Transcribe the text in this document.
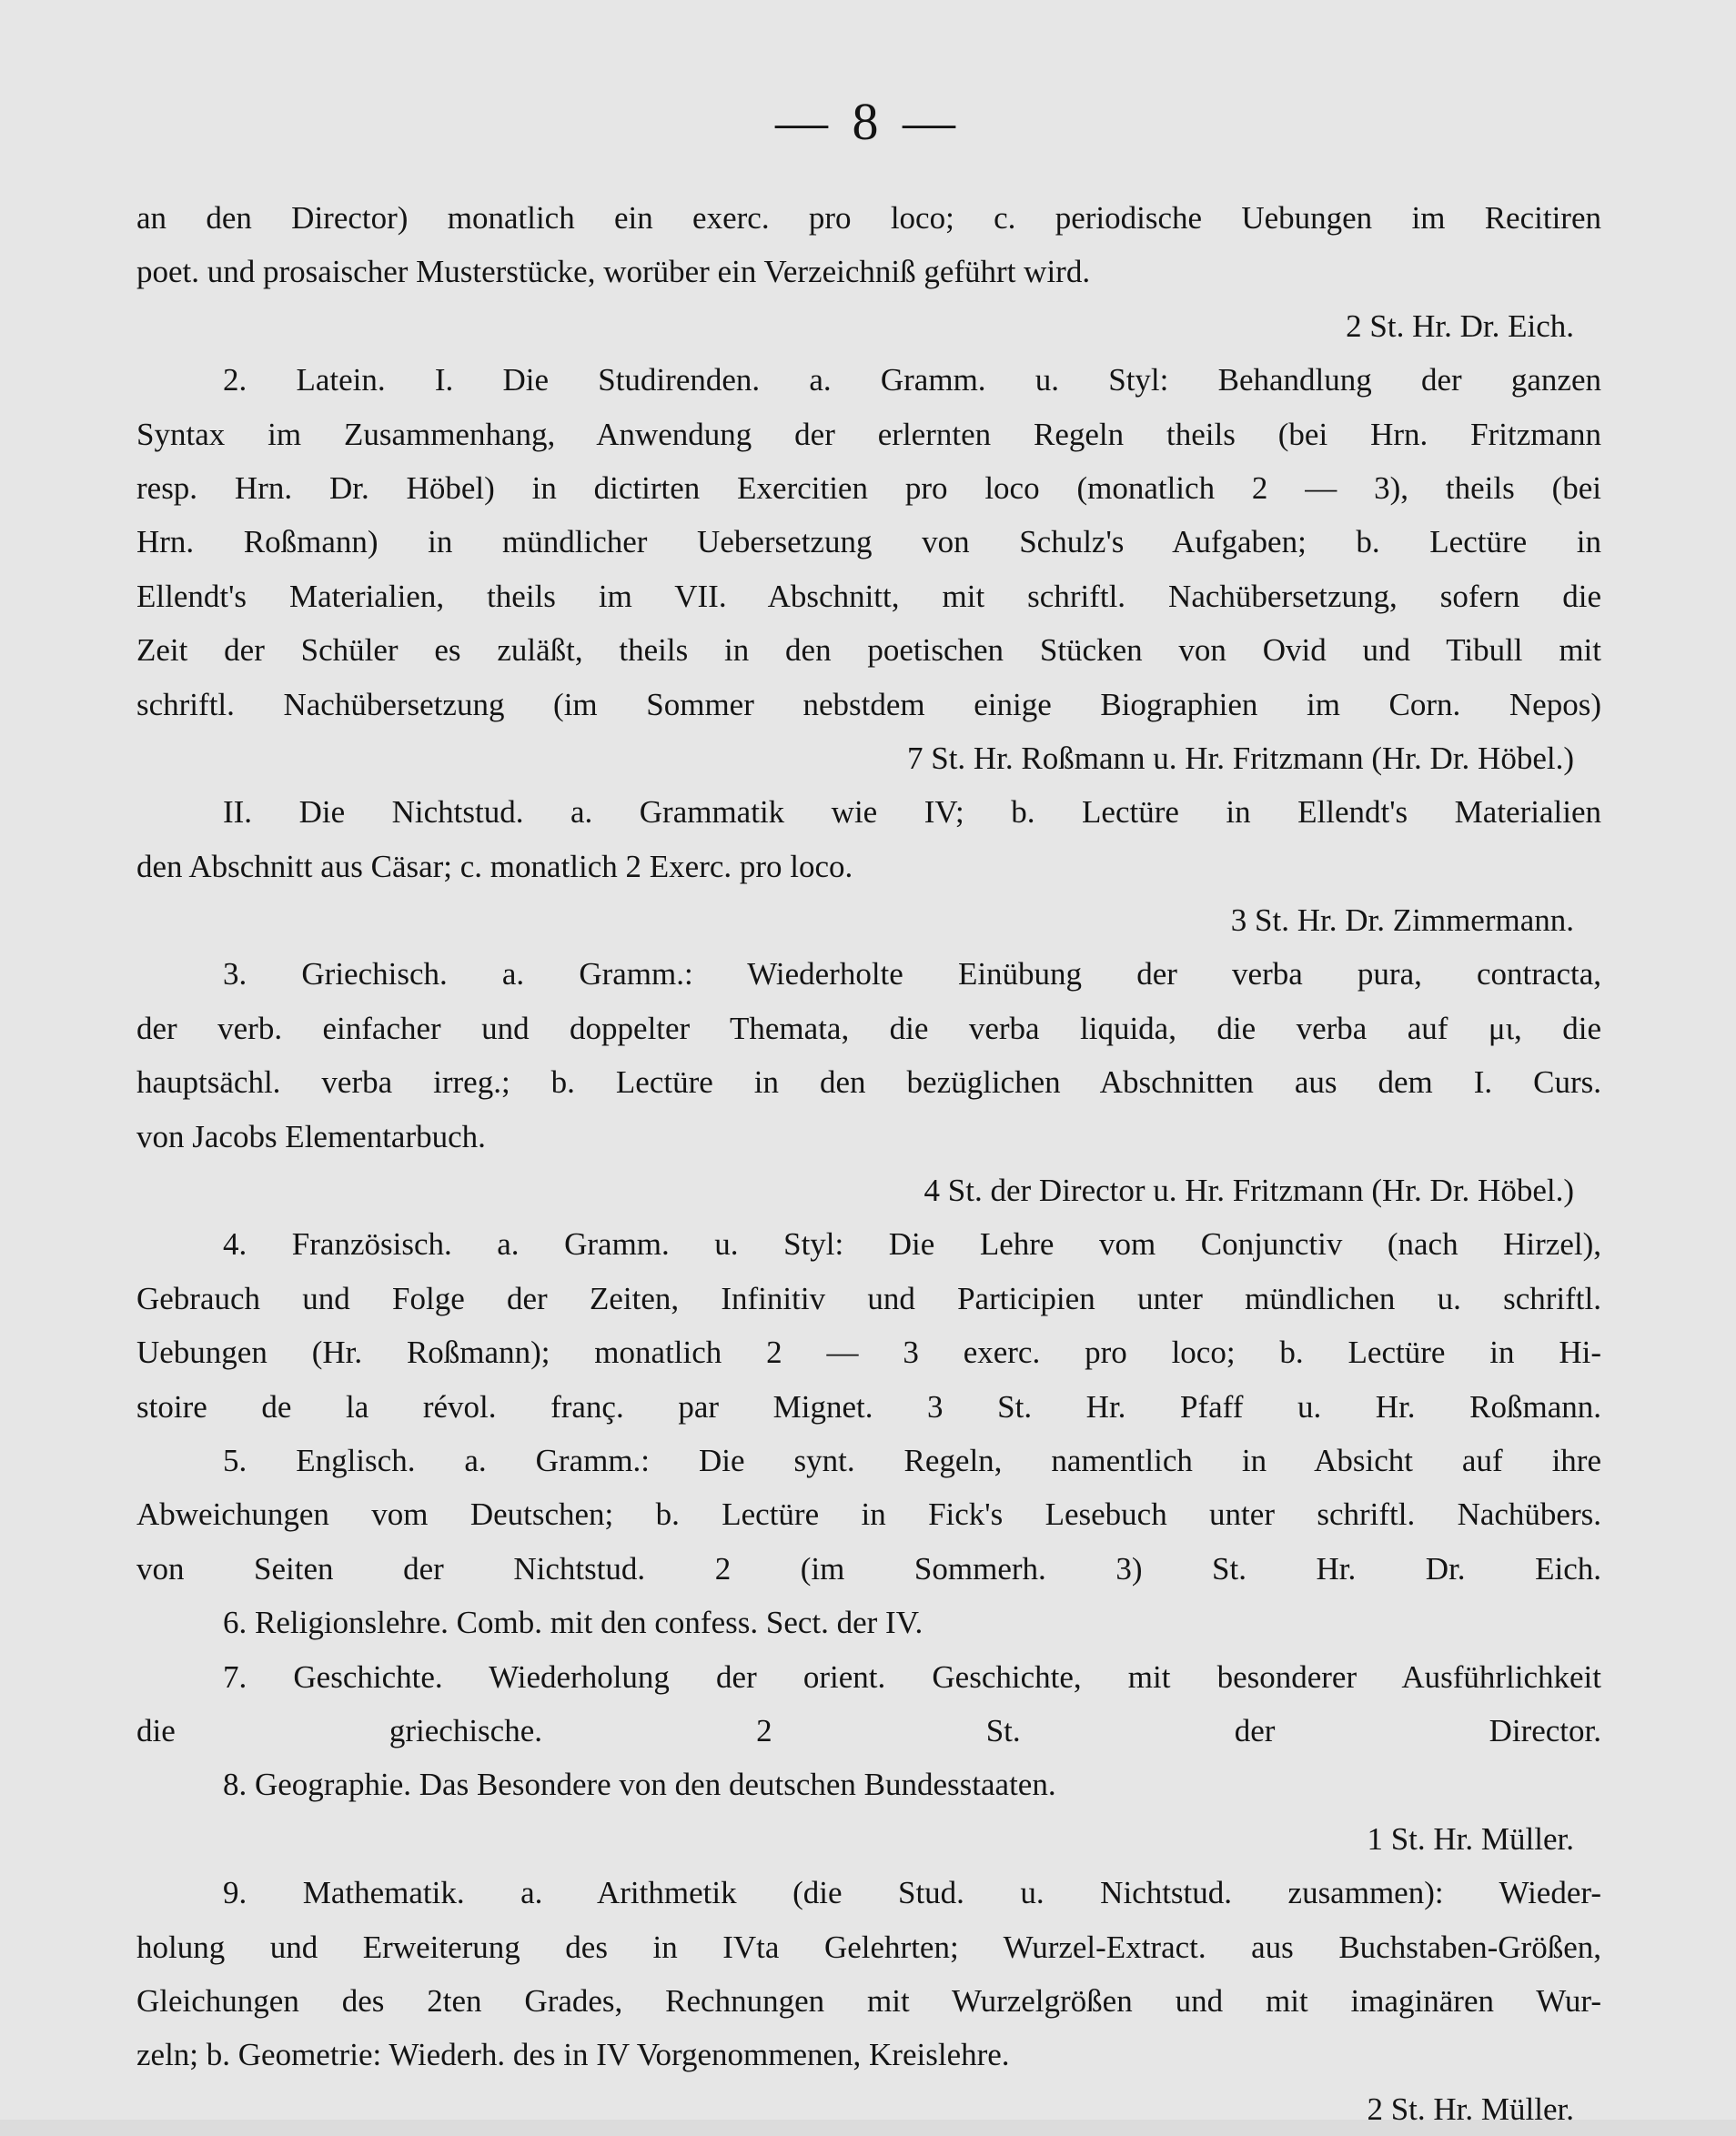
— 8 —
an den Director) monatlich ein exerc. pro loco; c. periodische Uebungen im Recitiren
poet. und prosaischer Musterstücke, worüber ein Verzeichniß geführt wird.
2 St. Hr. Dr. Eich.
2. Latein. I. Die Studirenden. a. Gramm. u. Styl: Behandlung der ganzen
Syntax im Zusammenhang, Anwendung der erlernten Regeln theils (bei Hrn. Fritzmann
resp. Hrn. Dr. Höbel) in dictirten Exercitien pro loco (monatlich 2 — 3), theils (bei
Hrn. Roßmann) in mündlicher Uebersetzung von Schulz's Aufgaben; b. Lectüre in
Ellendt's Materialien, theils im VII. Abschnitt, mit schriftl. Nachübersetzung, sofern die
Zeit der Schüler es zuläßt, theils in den poetischen Stücken von Ovid und Tibull mit
schriftl. Nachübersetzung (im Sommer nebstdem einige Biographien im Corn. Nepos)
7 St. Hr. Roßmann u. Hr. Fritzmann (Hr. Dr. Höbel.)
II. Die Nichtstud. a. Grammatik wie IV; b. Lectüre in Ellendt's Materialien
den Abschnitt aus Cäsar; c. monatlich 2 Exerc. pro loco.
3 St. Hr. Dr. Zimmermann.
3. Griechisch. a. Gramm.: Wiederholte Einübung der verba pura, contracta,
der verb. einfacher und doppelter Themata, die verba liquida, die verba auf μι, die
hauptsächl. verba irreg.; b. Lectüre in den bezüglichen Abschnitten aus dem I. Curs.
von Jacobs Elementarbuch.
4 St. der Director u. Hr. Fritzmann (Hr. Dr. Höbel.)
4. Französisch. a. Gramm. u. Styl: Die Lehre vom Conjunctiv (nach Hirzel),
Gebrauch und Folge der Zeiten, Infinitiv und Participien unter mündlichen u. schriftl.
Uebungen (Hr. Roßmann); monatlich 2 — 3 exerc. pro loco; b. Lectüre in Hi-
stoire de la révol. franç. par Mignet. 3 St. Hr. Pfaff u. Hr. Roßmann.
5. Englisch. a. Gramm.: Die synt. Regeln, namentlich in Absicht auf ihre
Abweichungen vom Deutschen; b. Lectüre in Fick's Lesebuch unter schriftl. Nachübers.
von Seiten der Nichtstud. 2 (im Sommerh. 3) St. Hr. Dr. Eich.
6. Religionslehre. Comb. mit den confess. Sect. der IV.
7. Geschichte. Wiederholung der orient. Geschichte, mit besonderer Ausführlichkeit
die griechische. 2 St. der Director.
8. Geographie. Das Besondere von den deutschen Bundesstaaten.
1 St. Hr. Müller.
9. Mathematik. a. Arithmetik (die Stud. u. Nichtstud. zusammen): Wieder-
holung und Erweiterung des in IVta Gelehrten; Wurzel-Extract. aus Buchstaben-Größen,
Gleichungen des 2ten Grades, Rechnungen mit Wurzelgrößen und mit imaginären Wur-
zeln; b. Geometrie: Wiederh. des in IV Vorgenommenen, Kreislehre.
2 St. Hr. Müller.
